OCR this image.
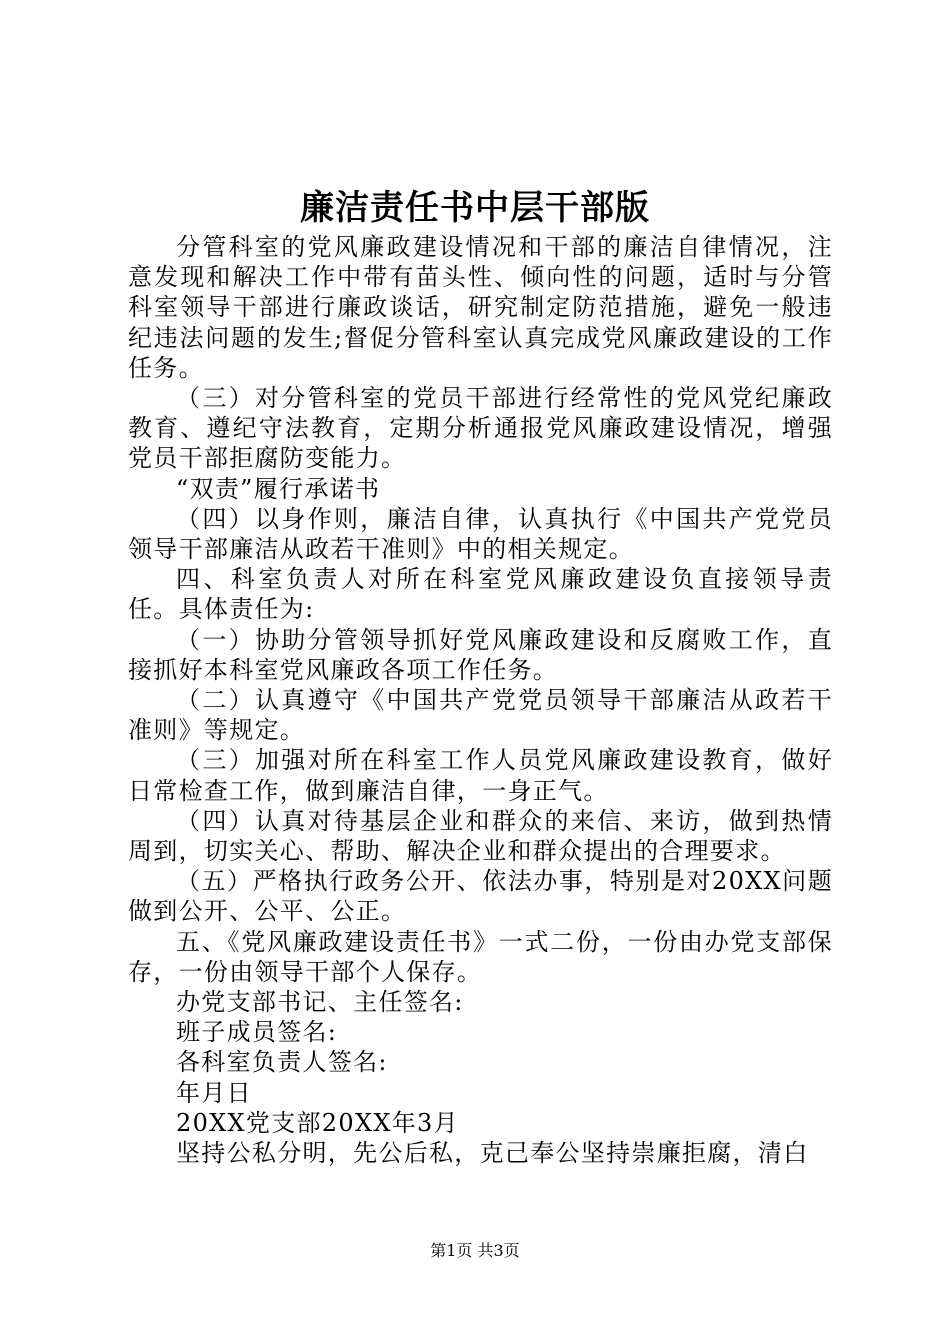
廉洁责任书中层干部版

分管科室的党风廉政建设情况和干部的廉洁自律情况，注意发现和解决工作中带有苗头性、倾向性的问题，适时与分管科室领导干部进行廉政谈话，研究制定防范措施，避免一般违纪违法问题的发生;督促分管科室认真完成党风廉政建设的工作任务。

（三）对分管科室的党员干部进行经常性的党风党纪廉政教育、遵纪守法教育，定期分析通报党风廉政建设情况，增强党员干部拒腐防变能力。

“双责”履行承诺书

（四）以身作则，廉洁自律，认真执行《中国共产党党员领导干部廉洁从政若干准则》中的相关规定。

四、科室负责人对所在科室党风廉政建设负直接领导责任。具体责任为:

（一）协助分管领导抓好党风廉政建设和反腐败工作，直接抓好本科室党风廉政各项工作任务。

（二）认真遵守《中国共产党党员领导干部廉洁从政若干准则》等规定。

（三）加强对所在科室工作人员党风廉政建设教育，做好日常检查工作，做到廉洁自律，一身正气。

（四）认真对待基层企业和群众的来信、来访，做到热情周到，切实关心、帮助、解决企业和群众提出的合理要求。

（五）严格执行政务公开、依法办事，特别是对20XX问题做到公开、公平、公正。

五、《党风廉政建设责任书》一式二份，一份由办党支部保存，一份由领导干部个人保存。

办党支部书记、主任签名:

班子成员签名:

各科室负责人签名:

年月日

20XX党支部20XX年3月

坚持公私分明，先公后私，克己奉公坚持崇廉拒腐，清白

第1页 共3页
